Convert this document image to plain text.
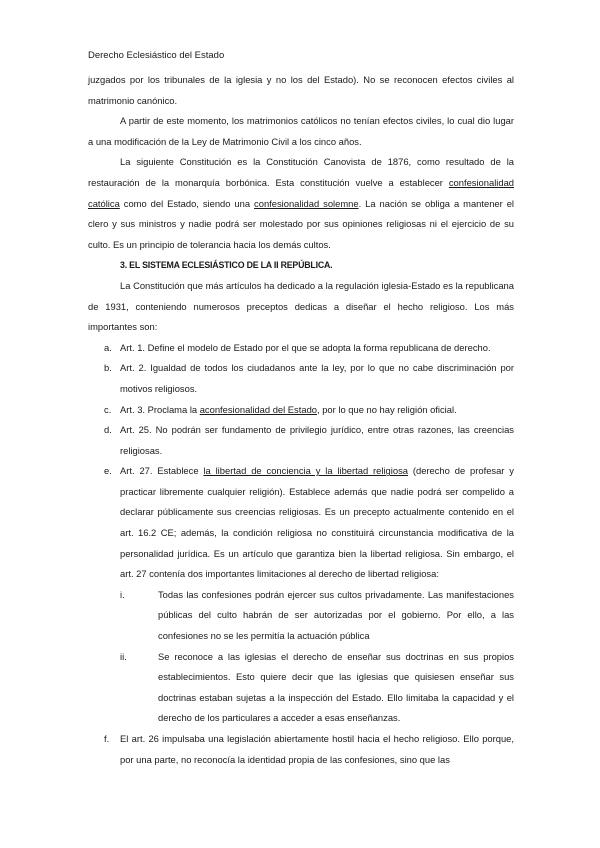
Derecho Eclesiástico del Estado

juzgados por los tribunales de la iglesia y no los del Estado). No se reconocen efectos civiles al matrimonio canónico.

A partir de este momento, los matrimonios católicos no tenían efectos civiles, lo cual dio lugar a una modificación de la Ley de Matrimonio Civil a los cinco años.

La siguiente Constitución es la Constitución Canovista de 1876, como resultado de la restauración de la monarquía borbónica. Esta constitución vuelve a establecer confesionalidad católica como del Estado, siendo una confesionalidad solemne. La nación se obliga a mantener el clero y sus ministros y nadie podrá ser molestado por sus opiniones religiosas ni el ejercicio de su culto. Es un principio de tolerancia hacia los demás cultos.

3. EL SISTEMA ECLESIÁSTICO DE LA II REPÚBLICA.

La Constitución que más artículos ha dedicado a la regulación iglesia-Estado es la republicana de 1931, conteniendo numerosos preceptos dedicas a diseñar el hecho religioso. Los más importantes son:

a. Art. 1. Define el modelo de Estado por el que se adopta la forma republicana de derecho.
b. Art. 2. Igualdad de todos los ciudadanos ante la ley, por lo que no cabe discriminación por motivos religiosos.
c. Art. 3. Proclama la aconfesionalidad del Estado, por lo que no hay religión oficial.
d. Art. 25. No podrán ser fundamento de privilegio jurídico, entre otras razones, las creencias religiosas.
e. Art. 27. Establece la libertad de conciencia y la libertad religiosa (derecho de profesar y practicar libremente cualquier religión). Establece además que nadie podrá ser compelido a declarar públicamente sus creencias religiosas. Es un precepto actualmente contenido en el art. 16.2 CE; además, la condición religiosa no constituirá circunstancia modificativa de la personalidad jurídica. Es un artículo que garantiza bien la libertad religiosa. Sin embargo, el art. 27 contenía dos importantes limitaciones al derecho de libertad religiosa:
i.	Todas las confesiones podrán ejercer sus cultos privadamente. Las manifestaciones públicas del culto habrán de ser autorizadas por el gobierno. Por ello, a las confesiones no se les permitía la actuación pública
ii.	Se reconoce a las iglesias el derecho de enseñar sus doctrinas en sus propios establecimientos. Esto quiere decir que las iglesias que quisiesen enseñar sus doctrinas estaban sujetas a la inspección del Estado. Ello limitaba la capacidad y el derecho de los particulares a acceder a esas enseñanzas.

f. El art. 26 impulsaba una legislación abiertamente hostil hacia el hecho religioso. Ello porque, por una parte, no reconocía la identidad propia de las confesiones, sino que las
